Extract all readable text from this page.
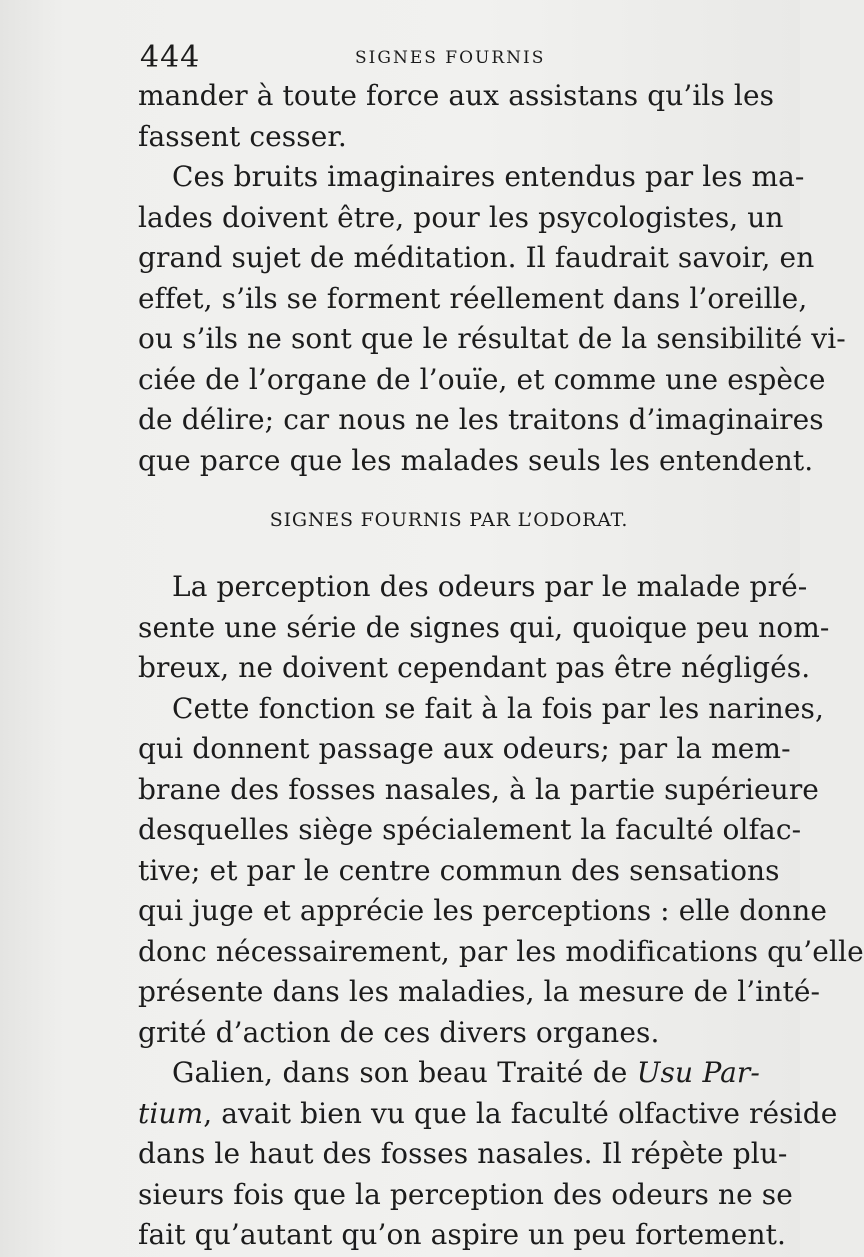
444	SIGNES FOURNIS
mander à toute force aux assistans qu’ils les
fassent cesser.
Ces bruits imaginaires entendus par les ma-
lades doivent être, pour les psycologistes, un
grand sujet de méditation. Il faudrait savoir, en
effet, s’ils se forment réellement dans l’oreille,
ou s’ils ne sont que le résultat de la sensibilité vi-
ciée de l’organe de l’ouïe, et comme une espèce
de délire; car nous ne les traitons d’imaginaires
que parce que les malades seuls les entendent.
SIGNES FOURNIS PAR L’ODORAT.
La perception des odeurs par le malade pré-
sente une série de signes qui, quoique peu nom-
breux, ne doivent cependant pas être négligés.
Cette fonction se fait à la fois par les narines,
qui donnent passage aux odeurs; par la mem-
brane des fosses nasales, à la partie supérieure
desquelles siège spécialement la faculté olfac-
tive; et par le centre commun des sensations
qui juge et apprécie les perceptions : elle donne
donc nécessairement, par les modifications qu’elle
présente dans les maladies, la mesure de l’inté-
grité d’action de ces divers organes.
Galien, dans son beau Traité de Usu Par-
tium, avait bien vu que la faculté olfactive réside
dans le haut des fosses nasales. Il répète plu-
sieurs fois que la perception des odeurs ne se
fait qu’autant qu’on aspire un peu fortement.
